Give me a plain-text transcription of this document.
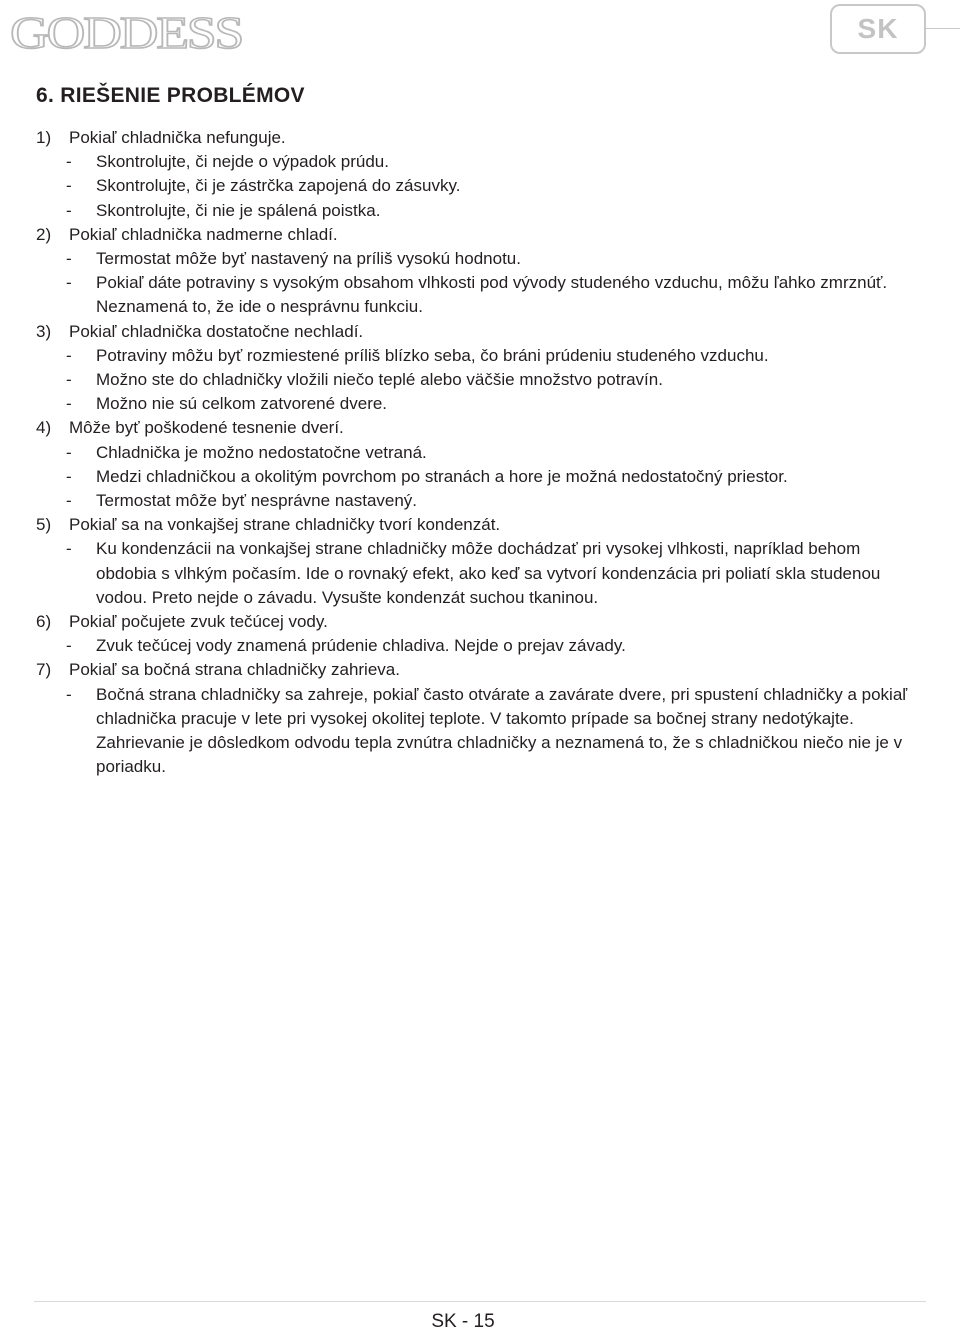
GODDESS	SK
6. RIEŠENIE PROBLÉMOV
1)	Pokiaľ chladnička nefunguje.
-	Skontrolujte, či nejde o výpadok prúdu.
-	Skontrolujte, či je zástrčka zapojená do zásuvky.
-	Skontrolujte, či nie je spálená poistka.
2)	Pokiaľ chladnička nadmerne chladí.
-	Termostat môže byť nastavený na príliš vysokú hodnotu.
-	Pokiaľ dáte potraviny s vysokým obsahom vlhkosti pod vývody studeného vzduchu, môžu ľahko zmrznúť. Neznamená to, že ide o nesprávnu funkciu.
3)	Pokiaľ chladnička dostatočne nechladí.
-	Potraviny môžu byť rozmiestené príliš blízko seba, čo bráni prúdeniu studeného vzduchu.
-	Možno ste do chladničky vložili niečo teplé alebo väčšie množstvo potravín.
-	Možno nie sú celkom zatvorené dvere.
4)	Môže byť poškodené tesnenie dverí.
-	Chladnička je možno nedostatočne vetraná.
-	Medzi chladničkou a okolitým povrchom po stranách a hore je možná nedostatočný priestor.
-	Termostat môže byť nesprávne nastavený.
5)	Pokiaľ sa na vonkajšej strane chladničky tvorí kondenzát.
-	Ku kondenzácii na vonkajšej strane chladničky môže dochádzať pri vysokej vlhkosti, napríklad behom obdobia s vlhkým počasím. Ide o rovnaký efekt, ako keď sa vytvorí kondenzácia pri poliatí skla studenou vodou. Preto nejde o závadu. Vysušte kondenzát suchou tkaninou.
6)	Pokiaľ počujete zvuk tečúcej vody.
-	Zvuk tečúcej vody znamená prúdenie chladiva. Nejde o prejav závady.
7)	Pokiaľ sa bočná strana chladničky zahrieva.
-	Bočná strana chladničky sa zahreje, pokiaľ často otvárate a zavárate dvere, pri spustení chladničky a pokiaľ chladnička pracuje v lete pri vysokej okolitej teplote. V takomto prípade sa bočnej strany nedotýkajte. Zahrievanie je dôsledkom odvodu tepla zvnútra chladničky a neznamená to, že s chladničkou niečo nie je v poriadku.
SK - 15
